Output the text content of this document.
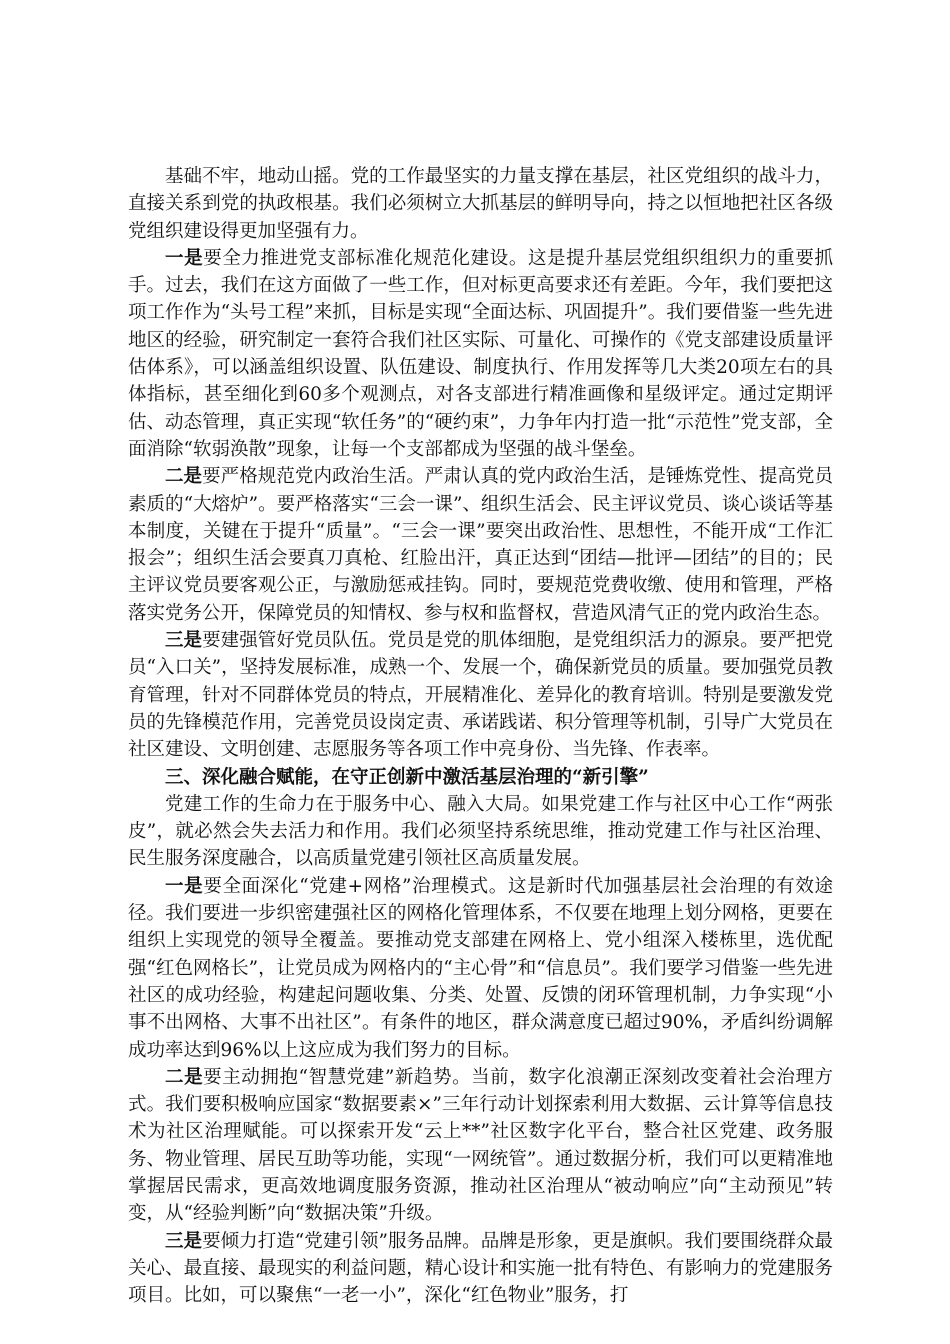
基础不牢，地动山摇。党的工作最坚实的力量支撑在基层，社区党组织的战斗力，直接关系到党的执政根基。我们必须树立大抓基层的鲜明导向，持之以恒地把社区各级党组织建设得更加坚强有力。

一是要全力推进党支部标准化规范化建设。这是提升基层党组织组织力的重要抓手。过去，我们在这方面做了一些工作，但对标更高要求还有差距。今年，我们要把这项工作作为“头号工程”来抓，目标是实现“全面达标、巩固提升”。我们要借鉴一些先进地区的经验，研究制定一套符合我们社区实际、可量化、可操作的《党支部建设质量评估体系》，可以涵盖组织设置、队伍建设、制度执行、作用发挥等几大类20项左右的具体指标，甚至细化到60多个观测点，对各支部进行精准画像和星级评定。通过定期评估、动态管理，真正实现“软任务”的“硬约束”，力争年内打造一批“示范性”党支部，全面消除“软弱涣散”现象，让每一个支部都成为坚强的战斗堡垒。

二是要严格规范党内政治生活。严肃认真的党内政治生活，是锤炼党性、提高党员素质的“大熔炉”。要严格落实“三会一课”、组织生活会、民主评议党员、谈心谈话等基本制度，关键在于提升“质量”。“三会一课”要突出政治性、思想性，不能开成“工作汇报会”；组织生活会要真刀真枪、红脸出汗，真正达到“团结—批评—团结”的目的；民主评议党员要客观公正，与激励惩戒挂钩。同时，要规范党费收缴、使用和管理，严格落实党务公开，保障党员的知情权、参与权和监督权，营造风清气正的党内政治生态。

三是要建强管好党员队伍。党员是党的肌体细胞，是党组织活力的源泉。要严把党员“入口关”，坚持发展标准，成熟一个、发展一个，确保新党员的质量。要加强党员教育管理，针对不同群体党员的特点，开展精准化、差异化的教育培训。特别是要激发党员的先锋模范作用，完善党员设岗定责、承诺践诺、积分管理等机制，引导广大党员在社区建设、文明创建、志愿服务等各项工作中亮身份、当先锋、作表率。

三、深化融合赋能，在守正创新中激活基层治理的“新引擎”

党建工作的生命力在于服务中心、融入大局。如果党建工作与社区中心工作“两张皮”，就必然会失去活力和作用。我们必须坚持系统思维，推动党建工作与社区治理、民生服务深度融合，以高质量党建引领社区高质量发展。

一是要全面深化“党建+网格”治理模式。这是新时代加强基层社会治理的有效途径。我们要进一步织密建强社区的网格化管理体系，不仅要在地理上划分网格，更要在组织上实现党的领导全覆盖。要推动党支部建在网格上、党小组深入楼栋里，选优配强“红色网格长”，让党员成为网格内的“主心骨”和“信息员”。我们要学习借鉴一些先进社区的成功经验，构建起问题收集、分类、处置、反馈的闭环管理机制，力争实现“小事不出网格、大事不出社区”。有条件的地区，群众满意度已超过90%，矛盾纠纷调解成功率达到96%以上这应成为我们努力的目标。

二是要主动拥抱“智慧党建”新趋势。当前，数字化浪潮正深刻改变着社会治理方式。我们要积极响应国家“数据要素×”三年行动计划探索利用大数据、云计算等信息技术为社区治理赋能。可以探索开发“云上**”社区数字化平台，整合社区党建、政务服务、物业管理、居民互助等功能，实现“一网统管”。通过数据分析，我们可以更精准地掌握居民需求，更高效地调度服务资源，推动社区治理从“被动响应”向“主动预见”转变，从“经验判断”向“数据决策”升级。

三是要倾力打造“党建引领”服务品牌。品牌是形象，更是旗帜。我们要围绕群众最关心、最直接、最现实的利益问题，精心设计和实施一批有特色、有影响力的党建服务项目。比如，可以聚焦“一老一小”，深化“红色物业”服务，打
